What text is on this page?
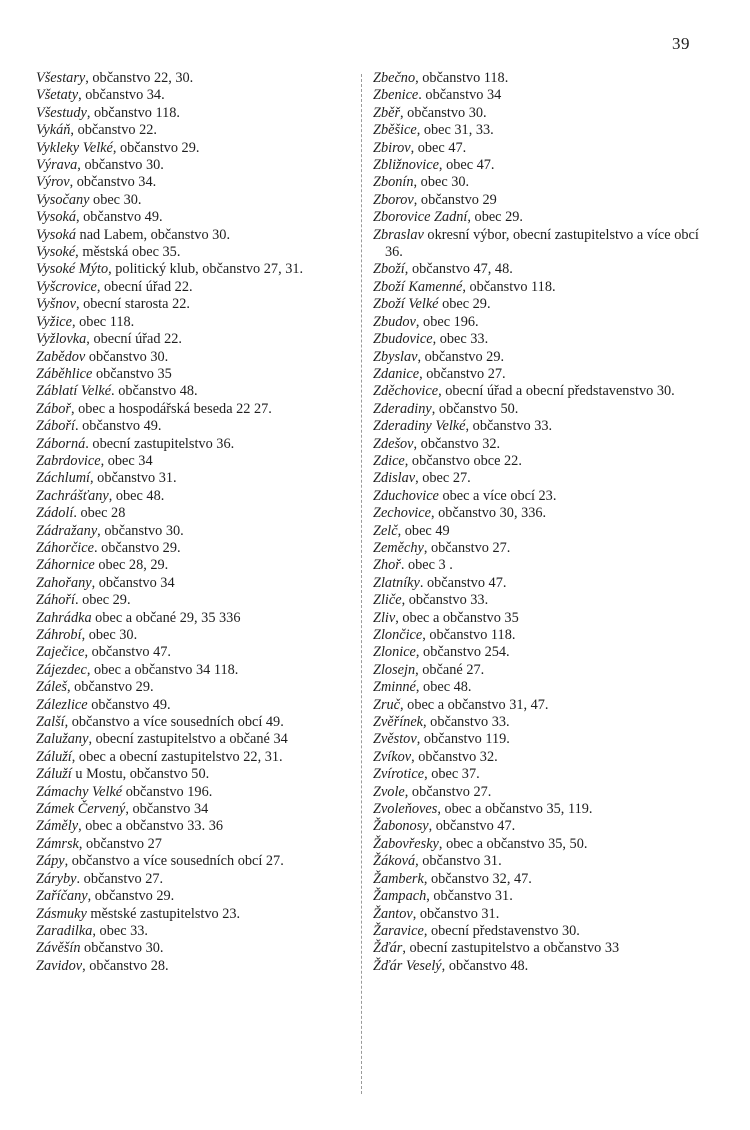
39
Všestary, občanstvo 22, 30.
Všetaty, občanstvo 34.
Všestudy, občanstvo 118.
Vykáň, občanstvo 22.
Vykleky Velké, občanstvo 29.
Výrava, občanstvo 30.
Výrov, občanstvo 34.
Vysočany obec 30.
Vysoká, občanstvo 49.
Vysoká nad Labem, občanstvo 30.
Vysoké, městská obec 35.
Vysoké Mýto, politický klub, občanstvo 27, 31.
Vyšcrovice, obecní úřad 22.
Vyšnov, obecní starosta 22.
Vyžice, obec 118.
Vyžlovka, obecní úřad 22.
Zabědov občanstvo 30.
Záběhlice občanstvo 35
Záblatí Velké. občanstvo 48.
Záboř, obec a hospodářská beseda 22 27.
Záboří. občanstvo 49.
Záborná. obecní zastupitelstvo 36.
Zabrdovice, obec 34
Záchlumí, občanstvo 31.
Zachrášťany, obec 48.
Zádolí. obec 28
Zádražany, občanstvo 30.
Záhorčice. občanstvo 29.
Záhornice obec 28, 29.
Zahořany, občanstvo 34
Záhoří. obec 29.
Zahrádka obec a občané 29, 35 336
Záhrobí, obec 30.
Zaječice, občanstvo 47.
Zájezdec, obec a občanstvo 34 118.
Záleš, občanstvo 29.
Zálezlice občanstvo 49.
Zalší, občanstvo a více sousedních obcí 49.
Zalužany, obecní zastupitelstvo a občané 34
Záluží, obec a obecní zastupitelstvo 22, 31.
Záluží u Mostu, občanstvo 50.
Zámachy Velké občanstvo 196.
Zámek Červený, občanstvo 34
Záměly, obec a občanstvo 33. 36
Zámrsk, občanstvo 27
Zápy, občanstvo a více sousedních obcí 27.
Záryby. občanstvo 27.
Zaříčany, občanstvo 29.
Zásmuky městské zastupitelstvo 23.
Zaradilka, obec 33.
Závěšín občanstvo 30.
Zavidov, občanstvo 28.
Zbečno, občanstvo 118.
Zbenice. občanstvo 34
Zběř, občanstvo 30.
Zběšice, obec 31, 33.
Zbirov, obec 47.
Zbližnovice, obec 47.
Zbonín, obec 30.
Zborov, občanstvo 29
Zborovice Zadní, obec 29.
Zbraslav okresní výbor, obecní zastupitelstvo a více obcí 36.
Zboží, občanstvo 47, 48.
Zboží Kamenné, občanstvo 118.
Zboží Velké obec 29.
Zbudov, obec 196.
Zbudovice, obec 33.
Zbyslav, občanstvo 29.
Zdanice, občanstvo 27.
Zděchovice, obecní úřad a obecní představenstvo 30.
Zderadiny, občanstvo 50.
Zderadiny Velké, občanstvo 33.
Zdešov, občanstvo 32.
Zdice, občanstvo obce 22.
Zdislav, obec 27.
Zduchovice obec a více obcí 23.
Zechovice, občanstvo 30, 336.
Zelč, obec 49
Zeměchy, občanstvo 27.
Zhoř. obec 3 .
Zlatníky. občanstvo 47.
Zliče, občanstvo 33.
Zliv, obec a občanstvo 35
Zlončice, občanstvo 118.
Zlonice, občanstvo 254.
Zlosejn, občané 27.
Zminné, obec 48.
Zruč, obec a občanstvo 31, 47.
Zvěřínek, občanstvo 33.
Zvěstov, občanstvo 119.
Zvíkov, občanstvo 32.
Zvírotice, obec 37.
Zvole, občanstvo 27.
Zvoleňoves, obec a občanstvo 35, 119.
Žabonosy, občanstvo 47.
Žabovřesky, obec a občanstvo 35, 50.
Žáková, občanstvo 31.
Žamberk, občanstvo 32, 47.
Žampach, občanstvo 31.
Žantov, občanstvo 31.
Žaravice, obecní představenstvo 30.
Žďár, obecní zastupitelstvo a občanstvo 33
Žďár Veselý, občanstvo 48.
